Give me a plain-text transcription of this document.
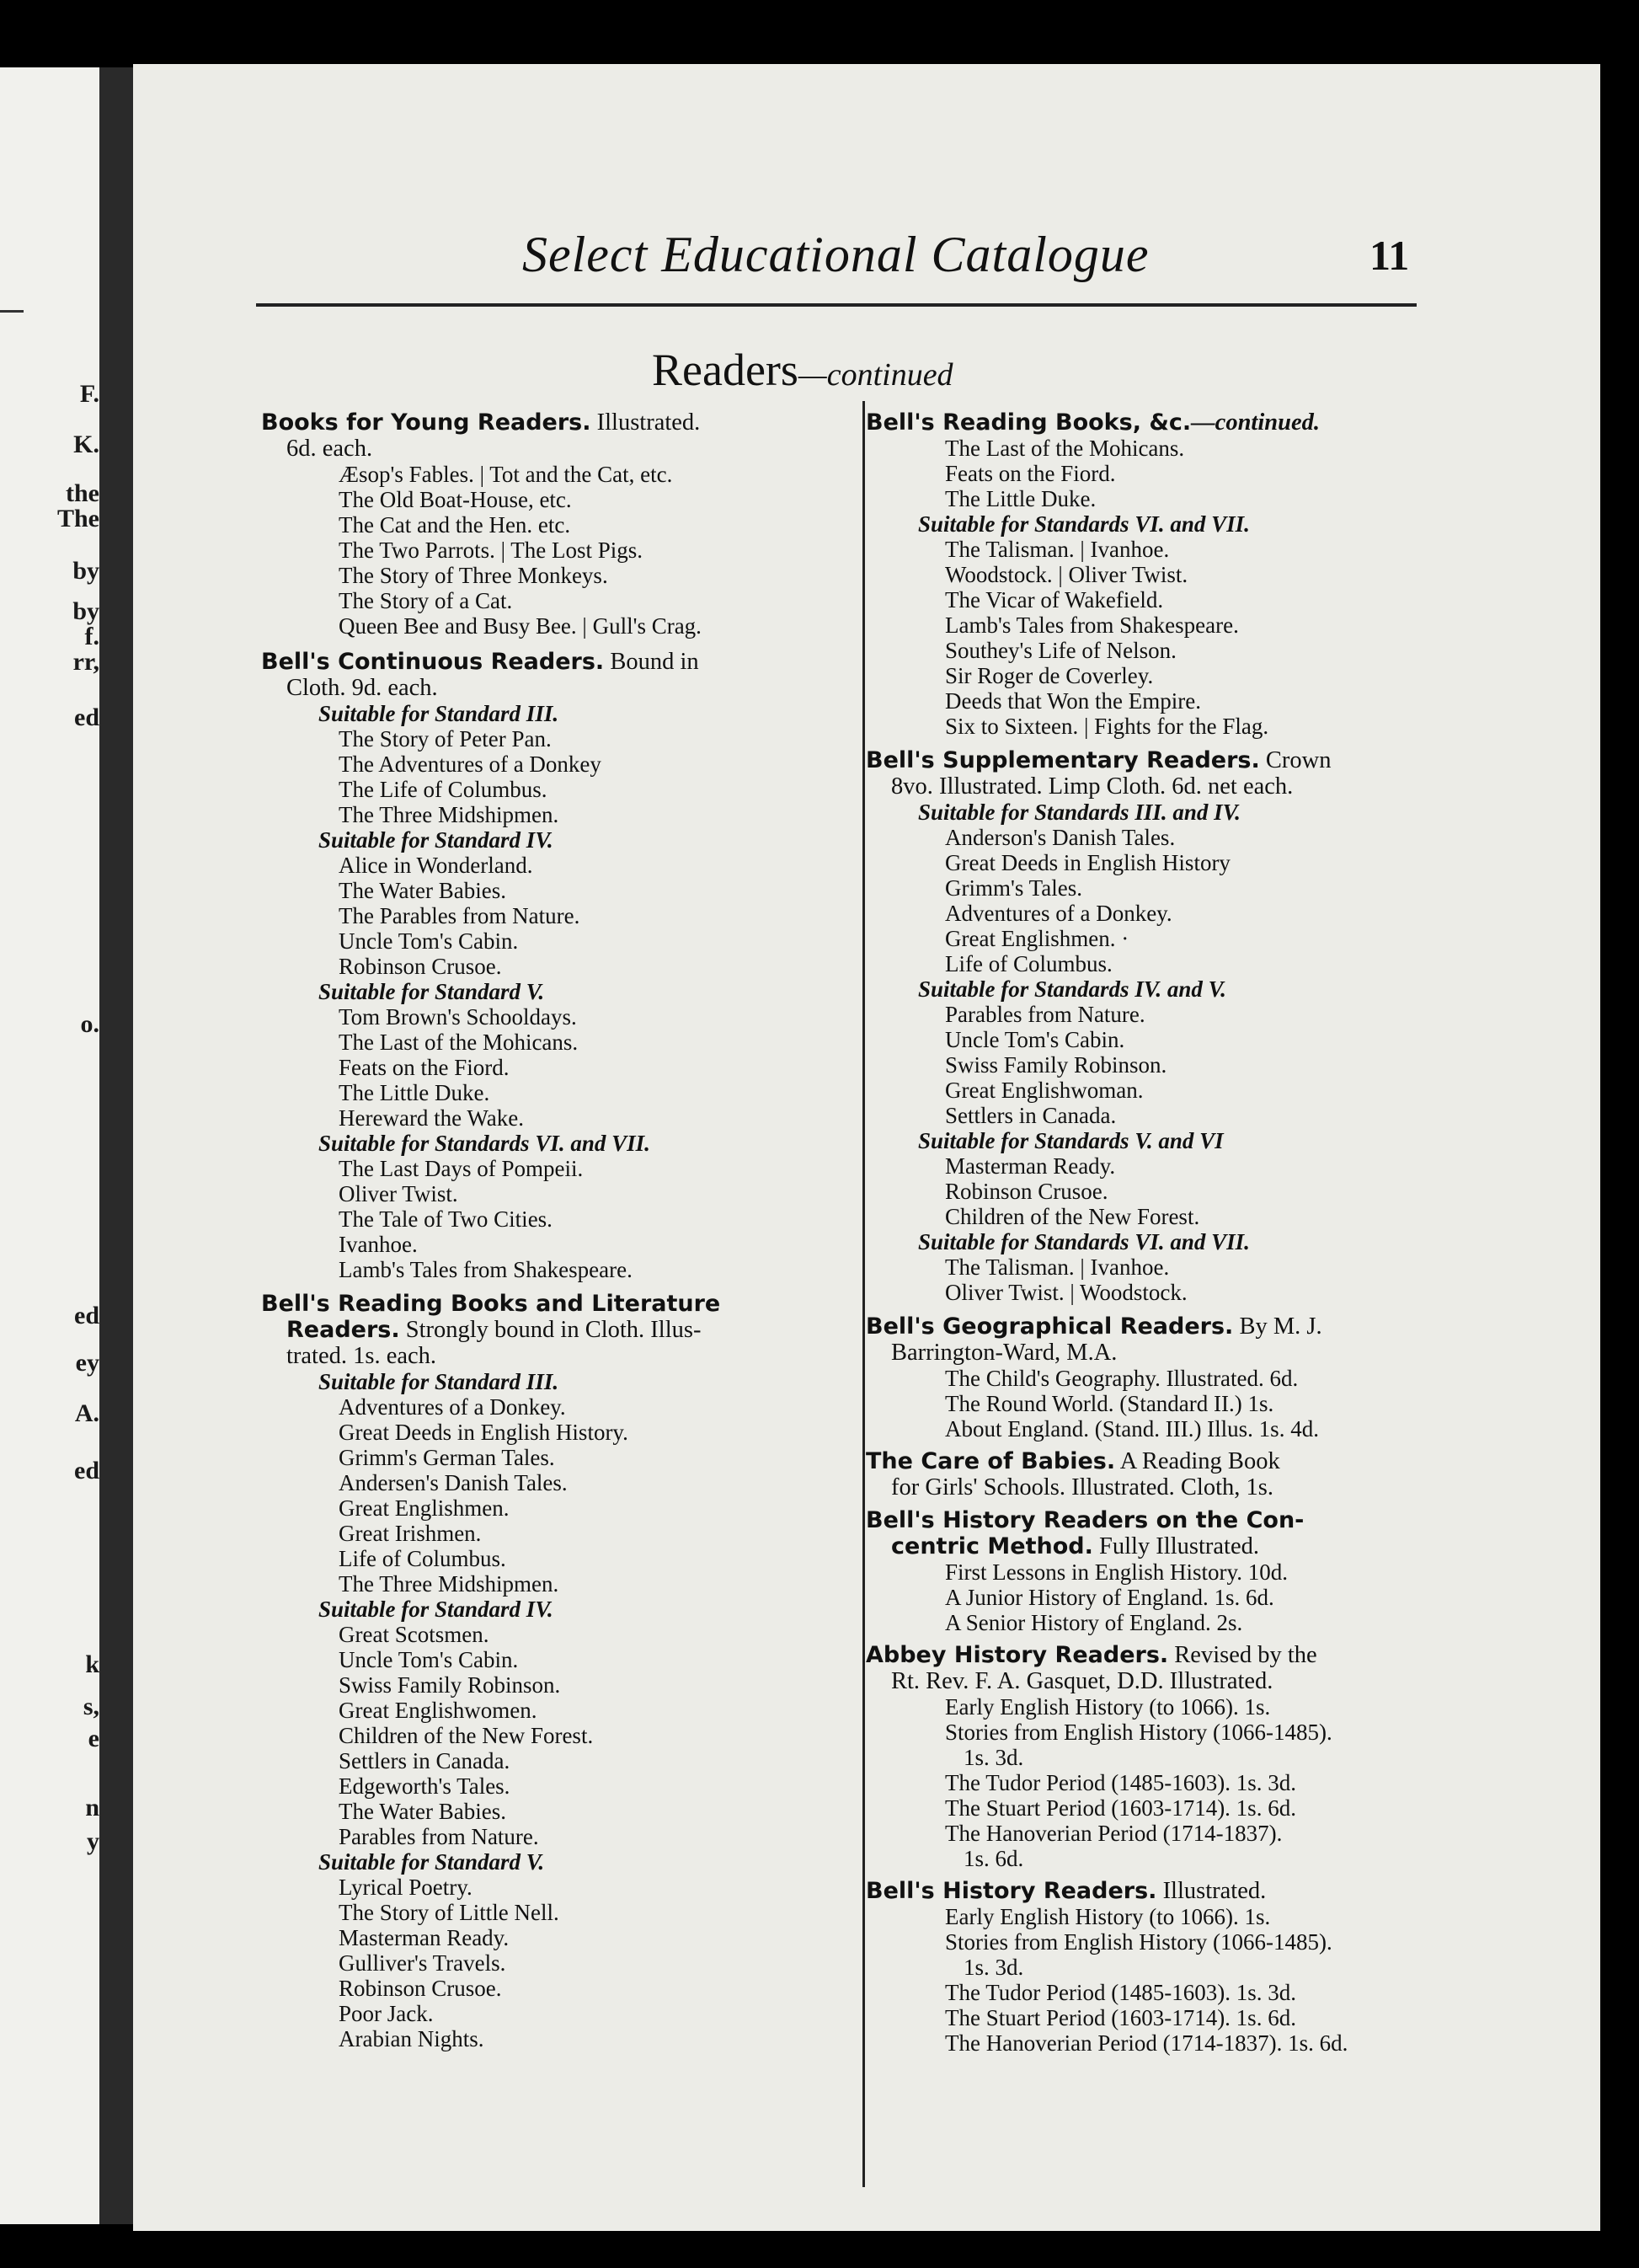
F.
K.
the
The
by
by
f.
rr,
ed
o.
ed
ey
A.
ed
k
s,
e
n
y
Select Educational Catalogue	11
Readers—continued

Books for Young Readers. Illustrated.

6d. each.

Æsop's Fables. | Tot and the Cat, etc.

The Old Boat-House, etc.

The Cat and the Hen. etc.

The Two Parrots. | The Lost Pigs.

The Story of Three Monkeys.

The Story of a Cat.

Queen Bee and Busy Bee. | Gull's Crag.

Bell's Continuous Readers. Bound in

Cloth. 9d. each.

Suitable for Standard III.

The Story of Peter Pan.

The Adventures of a Donkey

The Life of Columbus.

The Three Midshipmen.

Suitable for Standard IV.

Alice in Wonderland.

The Water Babies.

The Parables from Nature.

Uncle Tom's Cabin.

Robinson Crusoe.

Suitable for Standard V.

Tom Brown's Schooldays.

The Last of the Mohicans.

Feats on the Fiord.

The Little Duke.

Hereward the Wake.

Suitable for Standards VI. and VII.

The Last Days of Pompeii.

Oliver Twist.

The Tale of Two Cities.

Ivanhoe.

Lamb's Tales from Shakespeare.

Bell's Reading Books and Literature

Readers. Strongly bound in Cloth. Illus-

trated. 1s. each.

Suitable for Standard III.

Adventures of a Donkey.

Great Deeds in English History.

Grimm's German Tales.

Andersen's Danish Tales.

Great Englishmen.

Great Irishmen.

Life of Columbus.

The Three Midshipmen.

Suitable for Standard IV.

Great Scotsmen.

Uncle Tom's Cabin.

Swiss Family Robinson.

Great Englishwomen.

Children of the New Forest.

Settlers in Canada.

Edgeworth's Tales.

The Water Babies.

Parables from Nature.

Suitable for Standard V.

Lyrical Poetry.

The Story of Little Nell.

Masterman Ready.

Gulliver's Travels.

Robinson Crusoe.

Poor Jack.

Arabian Nights.

Bell's Reading Books, &c.—continued.

The Last of the Mohicans.

Feats on the Fiord.

The Little Duke.

Suitable for Standards VI. and VII.

The Talisman. | Ivanhoe.

Woodstock. | Oliver Twist.

The Vicar of Wakefield.

Lamb's Tales from Shakespeare.

Southey's Life of Nelson.

Sir Roger de Coverley.

Deeds that Won the Empire.

Six to Sixteen. | Fights for the Flag.

Bell's Supplementary Readers. Crown

8vo. Illustrated. Limp Cloth. 6d. net each.

Suitable for Standards III. and IV.

Anderson's Danish Tales.

Great Deeds in English History

Grimm's Tales.

Adventures of a Donkey.

Great Englishmen. ·

Life of Columbus.

Suitable for Standards IV. and V.

Parables from Nature.

Uncle Tom's Cabin.

Swiss Family Robinson.

Great Englishwoman.

Settlers in Canada.

Suitable for Standards V. and VI

Masterman Ready.

Robinson Crusoe.

Children of the New Forest.

Suitable for Standards VI. and VII.

The Talisman. | Ivanhoe.

Oliver Twist. | Woodstock.

Bell's Geographical Readers. By M. J.

Barrington-Ward, M.A.

The Child's Geography. Illustrated. 6d.

The Round World. (Standard II.) 1s.

About England. (Stand. III.) Illus. 1s. 4d.

The Care of Babies. A Reading Book

for Girls' Schools. Illustrated. Cloth, 1s.

Bell's History Readers on the Con-

centric Method. Fully Illustrated.

First Lessons in English History. 10d.

A Junior History of England. 1s. 6d.

A Senior History of England. 2s.

Abbey History Readers. Revised by the

Rt. Rev. F. A. Gasquet, D.D. Illustrated.

Early English History (to 1066). 1s.

Stories from English History (1066-1485).

1s. 3d.

The Tudor Period (1485-1603). 1s. 3d.

The Stuart Period (1603-1714). 1s. 6d.

The Hanoverian Period (1714-1837).

1s. 6d.

Bell's History Readers. Illustrated.

Early English History (to 1066). 1s.

Stories from English History (1066-1485).

1s. 3d.

The Tudor Period (1485-1603). 1s. 3d.

The Stuart Period (1603-1714). 1s. 6d.

The Hanoverian Period (1714-1837). 1s. 6d.
